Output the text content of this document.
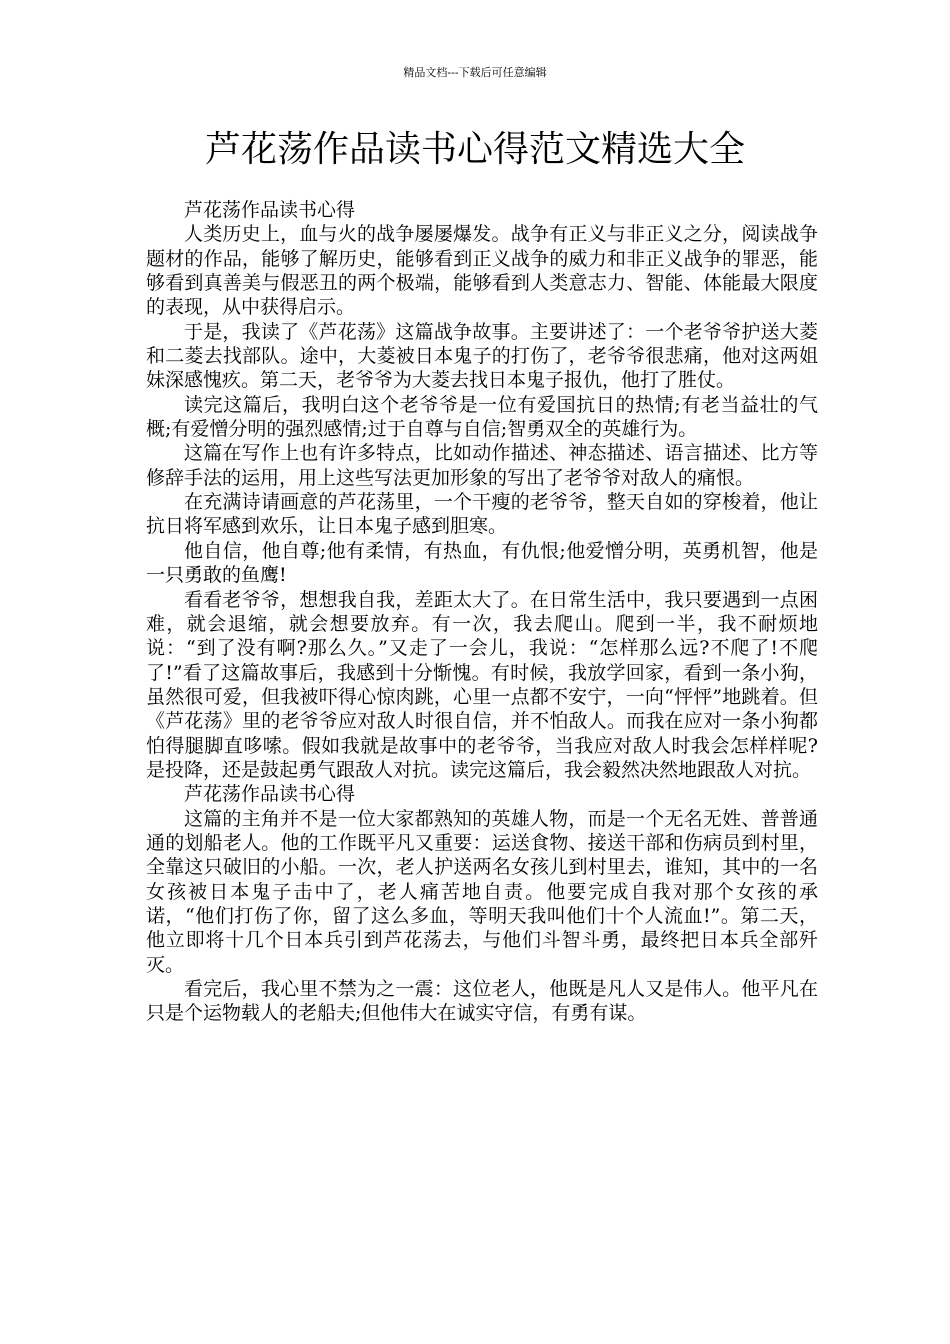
精品文档---下载后可任意编辑
芦花荡作品读书心得范文精选大全

芦花荡作品读书心得

人类历史上，血与火的战争屡屡爆发。战争有正义与非正义之分，阅读战争题材的作品，能够了解历史，能够看到正义战争的威力和非正义战争的罪恶，能够看到真善美与假恶丑的两个极端，能够看到人类意志力、智能、体能最大限度的表现，从中获得启示。

于是，我读了《芦花荡》这篇战争故事。主要讲述了：一个老爷爷护送大菱和二菱去找部队。途中，大菱被日本鬼子的打伤了，老爷爷很悲痛，他对这两姐妹深感愧疚。第二天，老爷爷为大菱去找日本鬼子报仇，他打了胜仗。

读完这篇后，我明白这个老爷爷是一位有爱国抗日的热情;有老当益壮的气概;有爱憎分明的强烈感情;过于自尊与自信;智勇双全的英雄行为。

这篇在写作上也有许多特点，比如动作描述、神态描述、语言描述、比方等修辞手法的运用，用上这些写法更加形象的写出了老爷爷对敌人的痛恨。

在充满诗请画意的芦花荡里，一个干瘦的老爷爷，整天自如的穿梭着，他让抗日将军感到欢乐，让日本鬼子感到胆寒。

他自信，他自尊;他有柔情，有热血，有仇恨;他爱憎分明，英勇机智，他是一只勇敢的鱼鹰!

看看老爷爷，想想我自我，差距太大了。在日常生活中，我只要遇到一点困难，就会退缩，就会想要放弃。有一次，我去爬山。爬到一半，我不耐烦地说：“到了没有啊?那么久。”又走了一会儿，我说：“怎样那么远?不爬了!不爬了!”看了这篇故事后，我感到十分惭愧。有时候，我放学回家，看到一条小狗，虽然很可爱，但我被吓得心惊肉跳，心里一点都不安宁，一向“怦怦”地跳着。但《芦花荡》里的老爷爷应对敌人时很自信，并不怕敌人。而我在应对一条小狗都怕得腿脚直哆嗦。假如我就是故事中的老爷爷，当我应对敌人时我会怎样样呢?是投降，还是鼓起勇气跟敌人对抗。读完这篇后，我会毅然决然地跟敌人对抗。

芦花荡作品读书心得

这篇的主角并不是一位大家都熟知的英雄人物，而是一个无名无姓、普普通通的划船老人。他的工作既平凡又重要：运送食物、接送干部和伤病员到村里，全靠这只破旧的小船。一次，老人护送两名女孩儿到村里去，谁知，其中的一名女孩被日本鬼子击中了，老人痛苦地自责。他要完成自我对那个女孩的承诺，“他们打伤了你，留了这么多血，等明天我叫他们十个人流血!”。第二天，他立即将十几个日本兵引到芦花荡去，与他们斗智斗勇，最终把日本兵全部歼灭。

看完后，我心里不禁为之一震：这位老人，他既是凡人又是伟人。他平凡在只是个运物载人的老船夫;但他伟大在诚实守信，有勇有谋。
